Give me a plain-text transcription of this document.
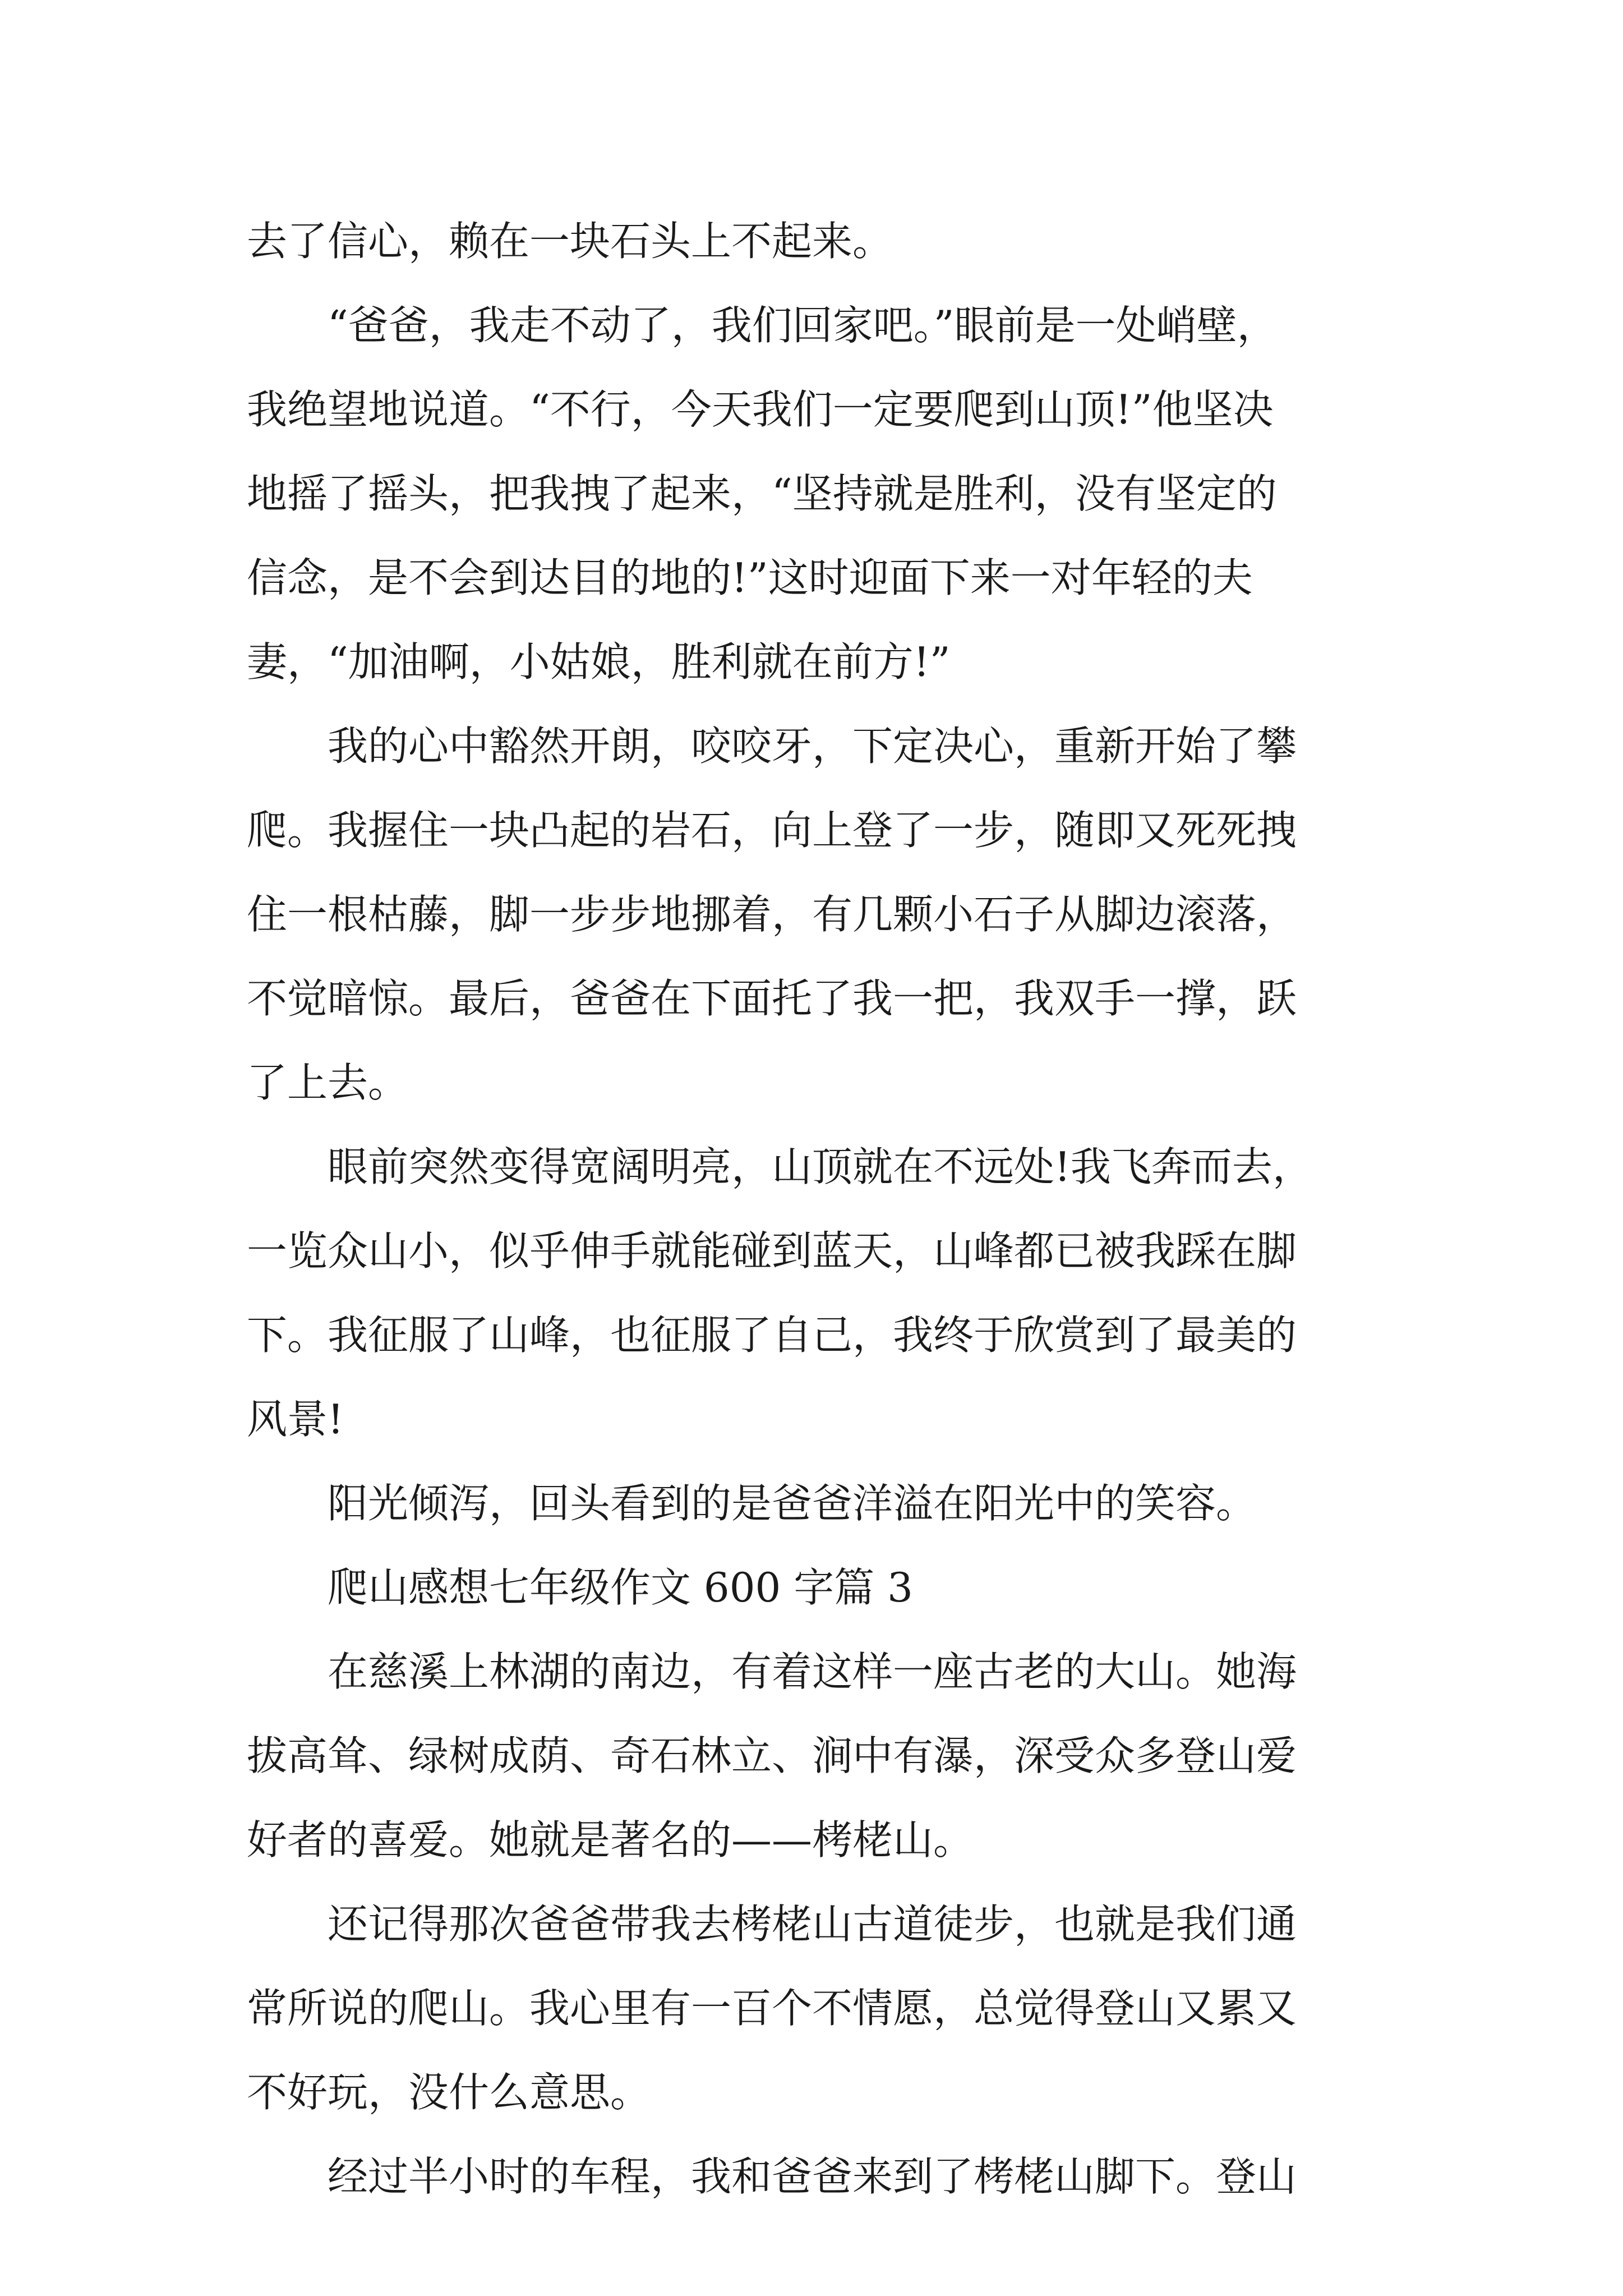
去了信心，赖在一块石头上不起来。

“爸爸，我走不动了，我们回家吧。”眼前是一处峭壁，
我绝望地说道。“不行，今天我们一定要爬到山顶!”他坚决
地摇了摇头，把我拽了起来，“坚持就是胜利，没有坚定的
信念，是不会到达目的地的!”这时迎面下来一对年轻的夫
妻，“加油啊，小姑娘，胜利就在前方!”

我的心中豁然开朗，咬咬牙，下定决心，重新开始了攀
爬。我握住一块凸起的岩石，向上登了一步，随即又死死拽
住一根枯藤，脚一步步地挪着，有几颗小石子从脚边滚落，
不觉暗惊。最后，爸爸在下面托了我一把，我双手一撑，跃
了上去。

眼前突然变得宽阔明亮，山顶就在不远处!我飞奔而去，
一览众山小，似乎伸手就能碰到蓝天，山峰都已被我踩在脚
下。我征服了山峰，也征服了自己，我终于欣赏到了最美的
风景!

阳光倾泻，回头看到的是爸爸洋溢在阳光中的笑容。

爬山感想七年级作文 600 字篇 3

在慈溪上林湖的南边，有着这样一座古老的大山。她海
拔高耸、绿树成荫、奇石林立、涧中有瀑，深受众多登山爱
好者的喜爱。她就是著名的——栲栳山。

还记得那次爸爸带我去栲栳山古道徒步，也就是我们通
常所说的爬山。我心里有一百个不情愿，总觉得登山又累又
不好玩，没什么意思。

经过半小时的车程，我和爸爸来到了栲栳山脚下。登山
